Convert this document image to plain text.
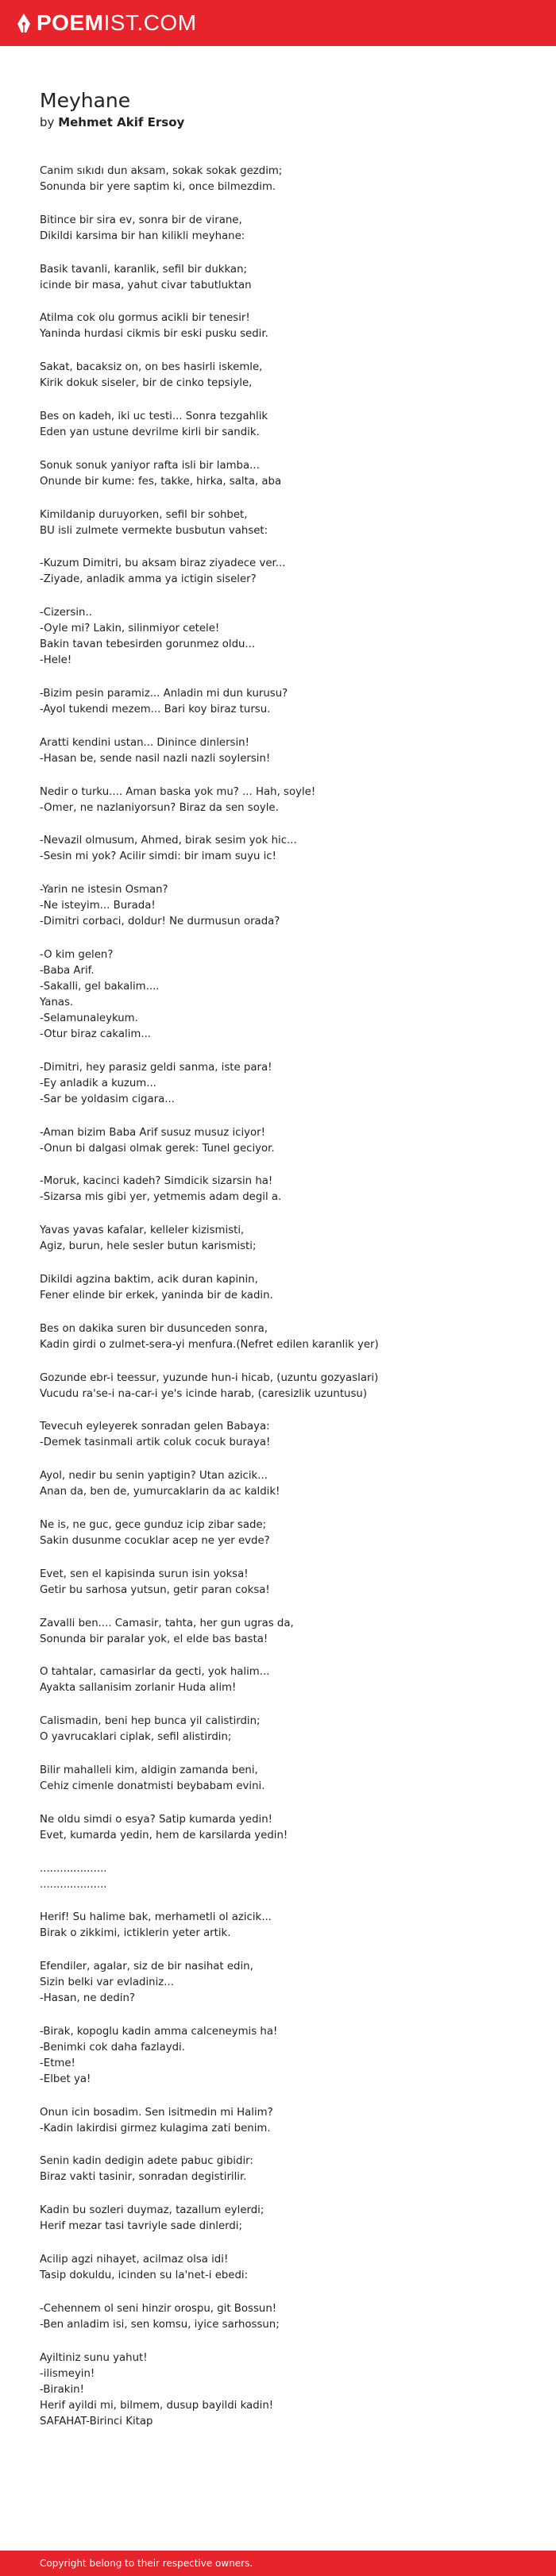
POEMIST.COM
Meyhane

by Mehmet Akif Ersoy

Canim sıkıdı dun aksam, sokak sokak gezdim;
Sonunda bir yere saptim ki, once bilmezdim.

Bitince bir sira ev, sonra bir de virane,
Dikildi karsima bir han kilikli meyhane:

Basik tavanli, karanlik, sefil bir dukkan;
icinde bir masa, yahut civar tabutluktan

Atilma cok olu gormus acikli bir tenesir!
Yaninda hurdasi cikmis bir eski pusku sedir.

Sakat, bacaksiz on, on bes hasirli iskemle,
Kirik dokuk siseler, bir de cinko tepsiyle,

Bes on kadeh, iki uc testi... Sonra tezgahlik
Eden yan ustune devrilme kirli bir sandik.

Sonuk sonuk yaniyor rafta isli bir lamba...
Onunde bir kume: fes, takke, hirka, salta, aba

Kimildanip duruyorken, sefil bir sohbet,
BU isli zulmete vermekte busbutun vahset:

-Kuzum Dimitri, bu aksam biraz ziyadece ver...
-Ziyade, anladik amma ya ictigin siseler?

-Cizersin..
-Oyle mi? Lakin, silinmiyor cetele!
Bakin tavan tebesirden gorunmez oldu...
-Hele!

-Bizim pesin paramiz... Anladin mi dun kurusu?
-Ayol tukendi mezem... Bari koy biraz tursu.

Aratti kendini ustan... Dinince dinlersin!
-Hasan be, sende nasil nazli nazli soylersin!

Nedir o turku.... Aman baska yok mu? ... Hah, soyle!
-Omer, ne nazlaniyorsun? Biraz da sen soyle.

-Nevazil olmusum, Ahmed, birak sesim yok hic...
-Sesin mi yok? Acilir simdi: bir imam suyu ic!

-Yarin ne istesin Osman?
-Ne isteyim... Burada!
-Dimitri corbaci, doldur! Ne durmusun orada?

-O kim gelen?
-Baba Arif.
-Sakalli, gel bakalim....
Yanas.
-Selamunaleykum.
-Otur biraz cakalim...

-Dimitri, hey parasiz geldi sanma, iste para!
-Ey anladik a kuzum...
-Sar be yoldasim cigara...

-Aman bizim Baba Arif susuz musuz iciyor!
-Onun bi dalgasi olmak gerek: Tunel geciyor.

-Moruk, kacinci kadeh? Simdicik sizarsin ha!
-Sizarsa mis gibi yer, yetmemis adam degil a.

Yavas yavas kafalar, kelleler kizismisti,
Agiz, burun, hele sesler butun karismisti;

Dikildi agzina baktim, acik duran kapinin,
Fener elinde bir erkek, yaninda bir de kadin.

Bes on dakika suren bir dusunceden sonra,
Kadin girdi o zulmet-sera-yi menfura.(Nefret edilen karanlik yer)

Gozunde ebr-i teessur, yuzunde hun-i hicab, (uzuntu gozyaslari)
Vucudu ra'se-i na-car-i ye's icinde harab, (caresizlik uzuntusu)

Tevecuh eyleyerek sonradan gelen Babaya:
-Demek tasinmali artik coluk cocuk buraya!

Ayol, nedir bu senin yaptigin? Utan azicik...
Anan da, ben de, yumurcaklarin da ac kaldik!

Ne is, ne guc, gece gunduz icip zibar sade;
Sakin dusunme cocuklar acep ne yer evde?

Evet, sen el kapisinda surun isin yoksa!
Getir bu sarhosa yutsun, getir paran coksa!

Zavalli ben.... Camasir, tahta, her gun ugras da,
Sonunda bir paralar yok, el elde bas basta!

O tahtalar, camasirlar da gecti, yok halim...
Ayakta sallanisim zorlanir Huda alim!

Calismadin, beni hep bunca yil calistirdin;
O yavrucaklari ciplak, sefil alistirdin;

Bilir mahalleli kim, aldigin zamanda beni,
Cehiz cimenle donatmisti beybabam evini.

Ne oldu simdi o esya? Satip kumarda yedin!
Evet, kumarda yedin, hem de karsilarda yedin!

....................
....................

Herif! Su halime bak, merhametli ol azicik...
Birak o zikkimi, ictiklerin yeter artik.

Efendiler, agalar, siz de bir nasihat edin,
Sizin belki var evladiniz...
-Hasan, ne dedin?

-Birak, kopoglu kadin amma calceneymis ha!
-Benimki cok daha fazlaydi.
-Etme!
-Elbet ya!

Onun icin bosadim. Sen isitmedin mi Halim?
-Kadin lakirdisi girmez kulagima zati benim.

Senin kadin dedigin adete pabuc gibidir:
Biraz vakti tasinir, sonradan degistirilir.

Kadin bu sozleri duymaz, tazallum eylerdi;
Herif mezar tasi tavriyle sade dinlerdi;

Acilip agzi nihayet, acilmaz olsa idi!
Tasip dokuldu, icinden su la'net-i ebedi:

-Cehennem ol seni hinzir orospu, git Bossun!
-Ben anladim isi, sen komsu, iyice sarhossun;

Ayiltiniz sunu yahut!
-ilismeyin!
-Birakin!
Herif ayildi mi, bilmem, dusup bayildi kadin!
SAFAHAT-Birinci Kitap

Copyright belong to their respective owners.
